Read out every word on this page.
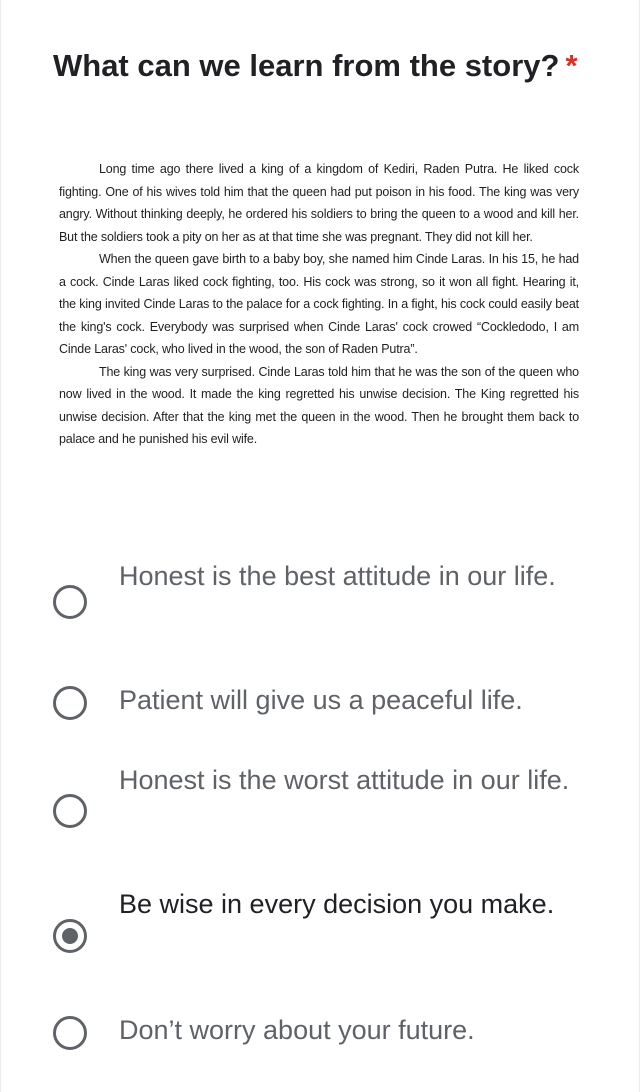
What can we learn from the story? *

Long time ago there lived a king of a kingdom of Kediri, Raden Putra. He liked cock fighting. One of his wives told him that the queen had put poison in his food. The king was very angry. Without thinking deeply, he ordered his soldiers to bring the queen to a wood and kill her. But the soldiers took a pity on her as at that time she was pregnant. They did not kill her.

When the queen gave birth to a baby boy, she named him Cinde Laras. In his 15, he had a cock. Cinde Laras liked cock fighting, too. His cock was strong, so it won all fight. Hearing it, the king invited Cinde Laras to the palace for a cock fighting. In a fight, his cock could easily beat the king's cock. Everybody was surprised when Cinde Laras' cock crowed “Cockledodo, I am Cinde Laras' cock, who lived in the wood, the son of Raden Putra”.

The king was very surprised. Cinde Laras told him that he was the son of the queen who now lived in the wood. It made the king regretted his unwise decision. The King regretted his unwise decision. After that the king met the queen in the wood. Then he brought them back to palace and he punished his evil wife.

Honest is the best attitude in our life.
Patient will give us a peaceful life.
Honest is the worst attitude in our life.
Be wise in every decision you make.
Don’t worry about your future.
